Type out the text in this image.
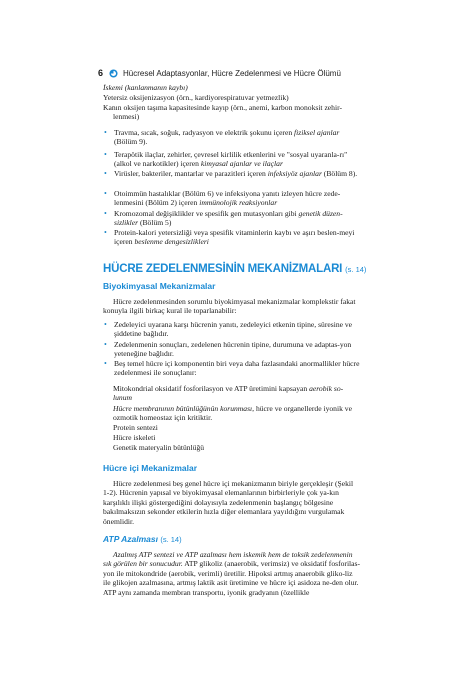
6	Hücresel Adaptasyonlar, Hücre Zedelenmesi ve Hücre Ölümü

İskemi (kanlanmanın kaybı)

Yetersiz oksijenizasyon (örn., kardiyorespiratuvar yetmezlik)

Kanın oksijen taşıma kapasitesinde kayıp (örn., anemi, karbon monoksit zehir-
lenmesi)

• Travma, sıcak, soğuk, radyasyon ve elektrik şokunu içeren fiziksel ajanlar (Bölüm 9).
• Terapötik ilaçlar, zehirler, çevresel kirlilik etkenlerini ve "sosyal uyaranla-rı" (alkol ve narkotikler) içeren kimyasal ajanlar ve ilaçlar
• Virüsler, bakteriler, mantarlar ve parazitleri içeren infeksiyöz ajanlar (Bölüm 8).
• Otoimmün hastalıklar (Bölüm 6) ve infeksiyona yanıtı izleyen hücre zede-lenmesini (Bölüm 2) içeren immünolojik reaksiyonlar
• Kromozomal değişiklikler ve spesifik gen mutasyonları gibi genetik düzen-sizlikler (Bölüm 5)
• Protein-kalori yetersizliği veya spesifik vitaminlerin kaybı ve aşırı beslen-meyi içeren beslenme dengesizlikleri
HÜCRE ZEDELENMESİNİN MEKANİZMALARI (s. 14)
Biyokimyasal Mekanizmalar

Hücre zedelenmesinden sorumlu biyokimyasal mekanizmalar komplekstir fakat konuyla ilgili birkaç kural ile toparlanabilir:

• Zedeleyici uyarana karşı hücrenin yanıtı, zedeleyici etkenin tipine, süresine ve şiddetine bağlıdır.
• Zedelenmenin sonuçları, zedelenen hücrenin tipine, durumuna ve adaptas-yon yeteneğine bağlıdır.
• Beş temel hücre içi komponentin biri veya daha fazlasındaki anormallikler hücre zedelenmesi ile sonuçlanır:

Mitokondrial oksidatif fosforilasyon ve ATP üretimini kapsayan aerobik so-lunum

Hücre membranının bütünlüğünün korunması, hücre ve organellerde iyonik ve ozmotik homeostaz için kritiktir.

Protein sentezi

Hücre iskeleti

Genetik materyalin bütünlüğü

Hücre içi Mekanizmalar

Hücre zedelenmesi beş genel hücre içi mekanizmanın biriyle gerçekleşir (Şekil 1-2). Hücrenin yapısal ve biyokimyasal elemanlarının birbirleriyle çok ya-kın karşılıklı ilişki göstergediğini dolayısıyla zedelenmenin başlangıç bölgesine bakılmaksızın sekonder etkilerin hızla diğer elemanlara yayıldığını vurgulamak önemlidir.

ATP Azalması (s. 14)

Azalmış ATP sentezi ve ATP azalması hem iskemik hem de toksik zedelenmenin sık görülen bir sonucudur. ATP glikoliz (anaerobik, verimsiz) ve oksidatif fosforilas-yon ile mitokondride (aerobik, verimli) üretilir. Hipoksi artmış anaerobik gliko-liz ile glikojen azalmasına, artmış laktik asit üretimine ve hücre içi asidoza ne-den olur. ATP aynı zamanda membran transportu, iyonik gradyanın (özellikle
